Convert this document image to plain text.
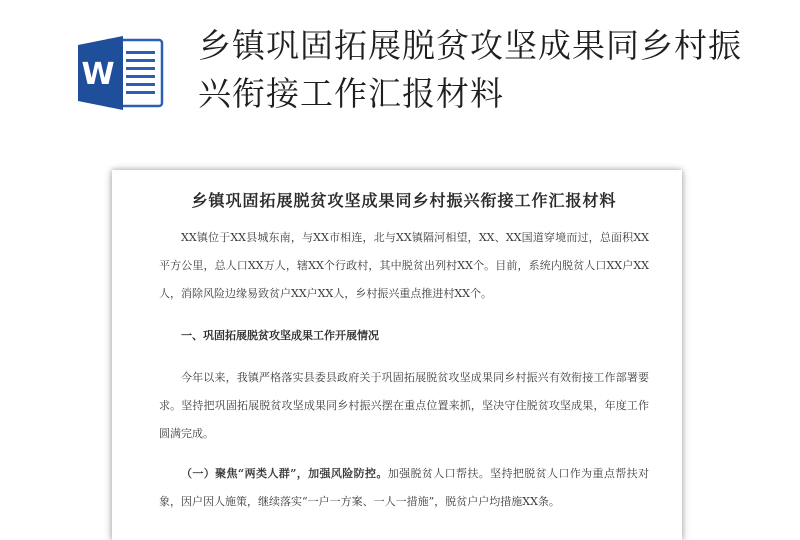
W
乡镇巩固拓展脱贫攻坚成果同乡村振兴衔接工作汇报材料
乡镇巩固拓展脱贫攻坚成果同乡村振兴衔接工作汇报材料

XX镇位于XX县城东南，与XX市相连，北与XX镇隔河相望，XX、XX国道穿境而过，总面积XX平方公里，总人口XX万人，辖XX个行政村，其中脱贫出列村XX个。目前，系统内脱贫人口XX户XX人，消除风险边缘易致贫户XX户XX人，乡村振兴重点推进村XX个。

一、巩固拓展脱贫攻坚成果工作开展情况

今年以来，我镇严格落实县委县政府关于巩固拓展脱贫攻坚成果同乡村振兴有效衔接工作部署要求。坚持把巩固拓展脱贫攻坚成果同乡村振兴摆在重点位置来抓，坚决守住脱贫攻坚成果，年度工作圆满完成。

（一）聚焦“两类人群”，加强风险防控。加强脱贫人口帮扶。坚持把脱贫人口作为重点帮扶对象，因户因人施策，继续落实“一户一方案、一人一措施”，脱贫户户均措施XX条。
